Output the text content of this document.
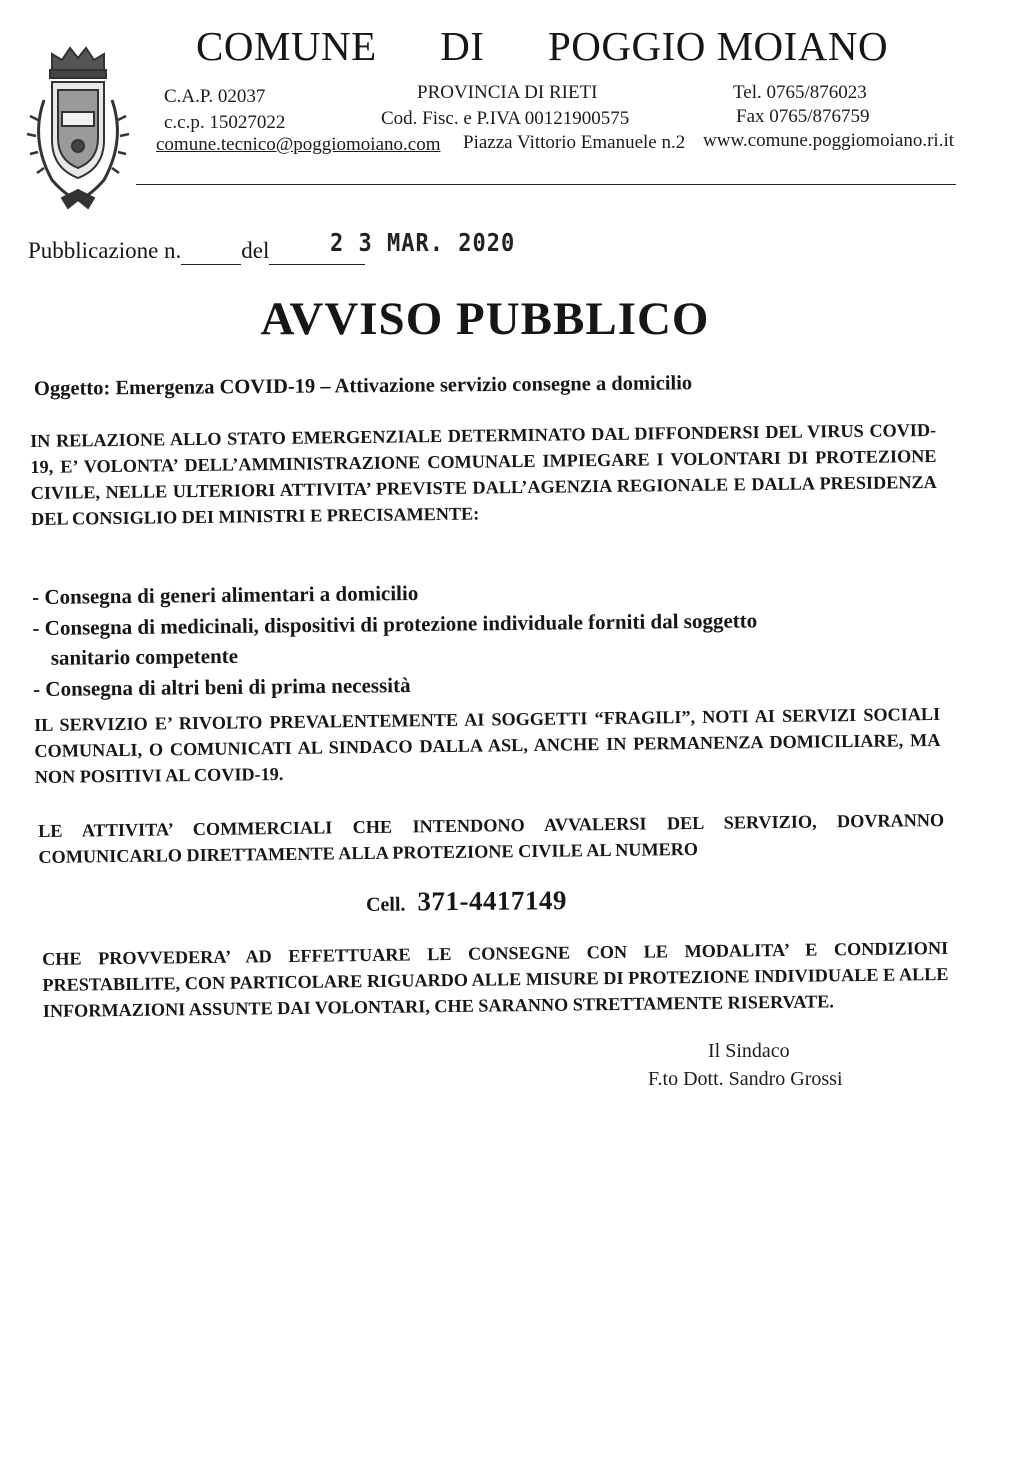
COMUNE DI POGGIO MOIANO
C.A.P. 02037	PROVINCIA DI RIETI	Tel. 0765/876023
c.c.p. 15027022	Cod. Fisc. e P.IVA 00121900575	Fax 0765/876759
comune.tecnico@poggiomoiano.com Piazza Vittorio Emanuele n.2 www.comune.poggiomoiano.ri.it
Pubblicazione n.	del	2 3 MAR. 2020
AVVISO PUBBLICO
Oggetto: Emergenza COVID-19 – Attivazione servizio consegne a domicilio

IN RELAZIONE ALLO STATO EMERGENZIALE DETERMINATO DAL DIFFONDERSI DEL VIRUS COVID-19, E’ VOLONTA’ DELL’AMMINISTRAZIONE COMUNALE IMPIEGARE I VOLONTARI DI PROTEZIONE CIVILE, NELLE ULTERIORI ATTIVITA’ PREVISTE DALL’AGENZIA REGIONALE E DALLA PRESIDENZA DEL CONSIGLIO DEI MINISTRI E PRECISAMENTE:

- Consegna di generi alimentari a domicilio
- Consegna di medicinali, dispositivi di protezione individuale forniti dal soggetto
sanitario competente
- Consegna di altri beni di prima necessità

IL SERVIZIO E’ RIVOLTO PREVALENTEMENTE AI SOGGETTI “FRAGILI”, NOTI AI SERVIZI SOCIALI COMUNALI, O COMUNICATI AL SINDACO DALLA ASL, ANCHE IN PERMANENZA DOMICILIARE, MA NON POSITIVI AL COVID-19.

LE ATTIVITA’ COMMERCIALI CHE INTENDONO AVVALERSI DEL SERVIZIO, DOVRANNO COMUNICARLO DIRETTAMENTE ALLA PROTEZIONE CIVILE AL NUMERO

Cell. 371-4417149

CHE PROVVEDERA’ AD EFFETTUARE LE CONSEGNE CON LE MODALITA’ E CONDIZIONI PRESTABILITE, CON PARTICOLARE RIGUARDO ALLE MISURE DI PROTEZIONE INDIVIDUALE E ALLE INFORMAZIONI ASSUNTE DAI VOLONTARI, CHE SARANNO STRETTAMENTE RISERVATE.

Il Sindaco
F.to Dott. Sandro Grossi
